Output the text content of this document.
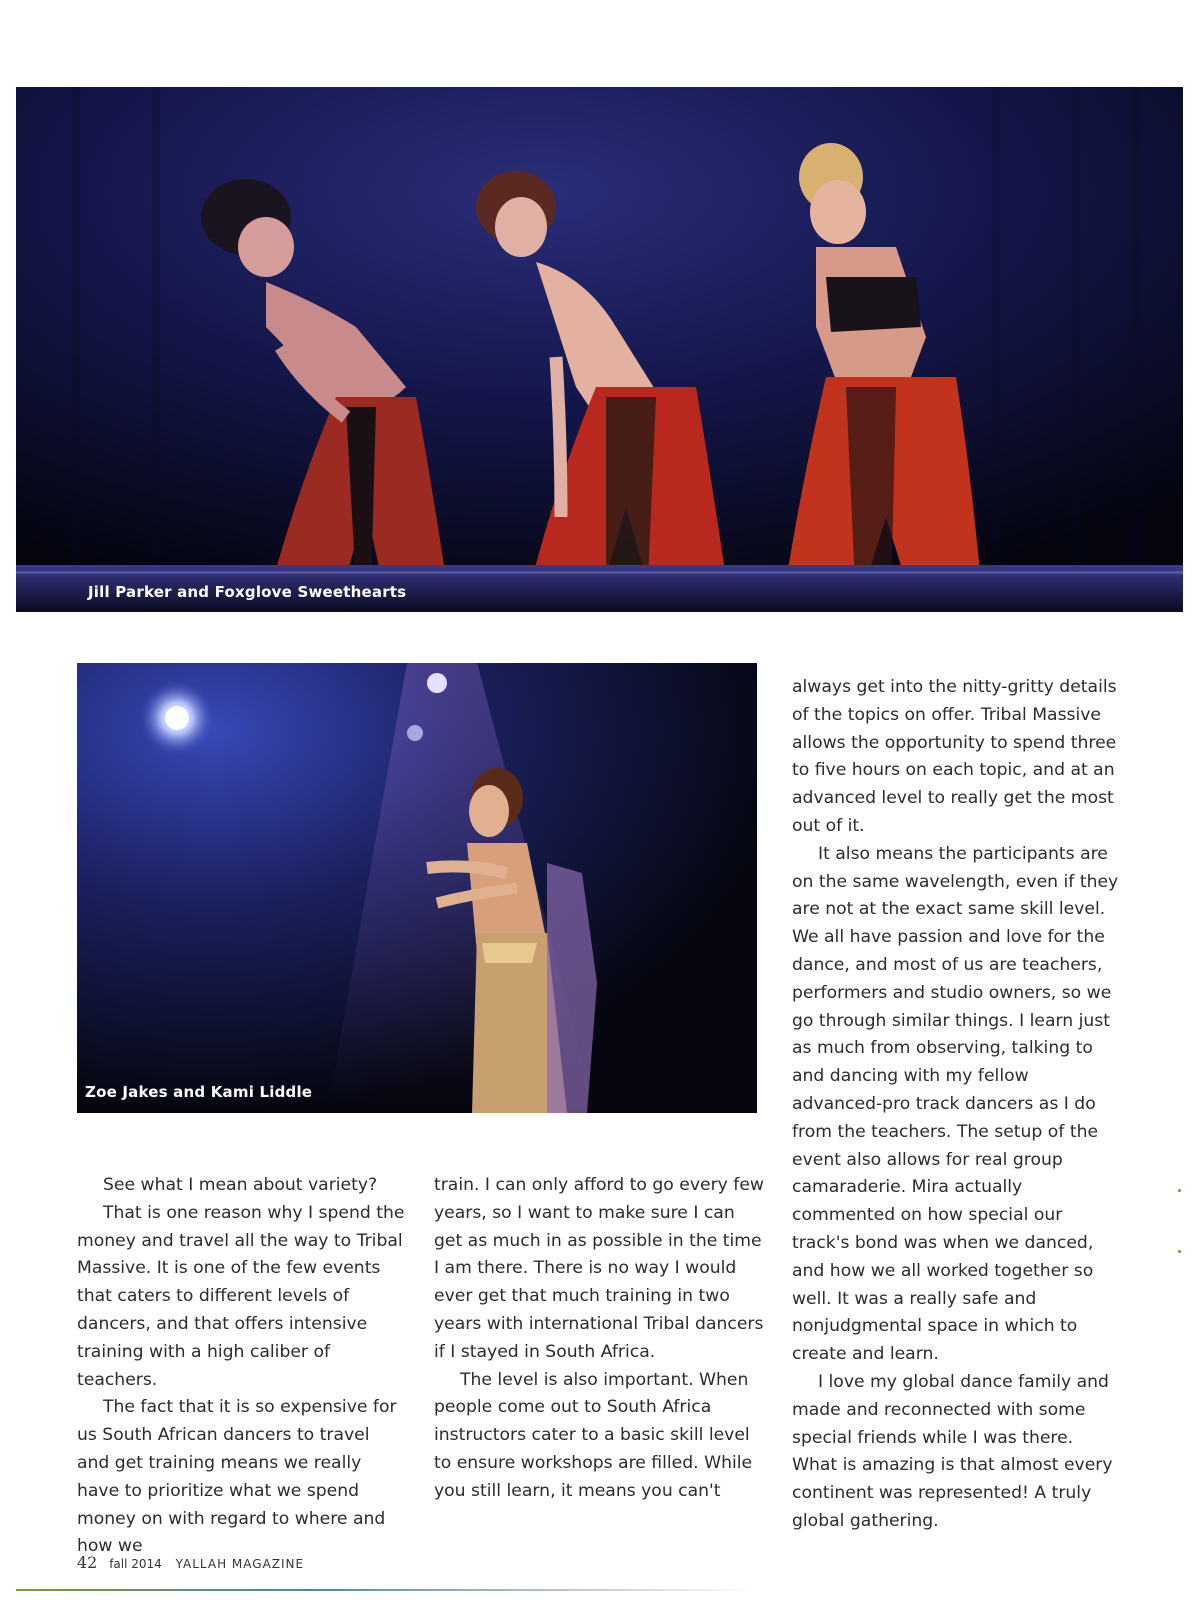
Jill Parker and Foxglove Sweethearts
Zoe Jakes and Kami Liddle

See what I mean about variety?

That is one reason why I spend the money and travel all the way to Tribal Massive. It is one of the few events that caters to different levels of dancers, and that offers intensive training with a high caliber of teachers.

The fact that it is so expensive for us South African dancers to travel and get training means we really have to prioritize what we spend money on with regard to where and how we

train. I can only afford to go every few years, so I want to make sure I can get as much in as possible in the time I am there. There is no way I would ever get that much training in two years with international Tribal dancers if I stayed in South Africa.

The level is also important. When people come out to South Africa instructors cater to a basic skill level to ensure workshops are filled. While you still learn, it means you can't

always get into the nitty-gritty details of the topics on offer. Tribal Massive allows the opportunity to spend three to five hours on each topic, and at an advanced level to really get the most out of it.

It also means the participants are on the same wavelength, even if they are not at the exact same skill level. We all have passion and love for the dance, and most of us are teachers, performers and studio owners, so we go through similar things. I learn just as much from observing, talking to and dancing with my fellow advanced-pro track dancers as I do from the teachers. The setup of the event also allows for real group camaraderie. Mira actually commented on how special our track's bond was when we danced, and how we all worked together so well. It was a really safe and nonjudgmental space in which to create and learn.

I love my global dance family and made and reconnected with some special friends while I was there. What is amazing is that almost every continent was represented! A truly global gathering.

42 fall 2014 YALLAH MAGAZINE
